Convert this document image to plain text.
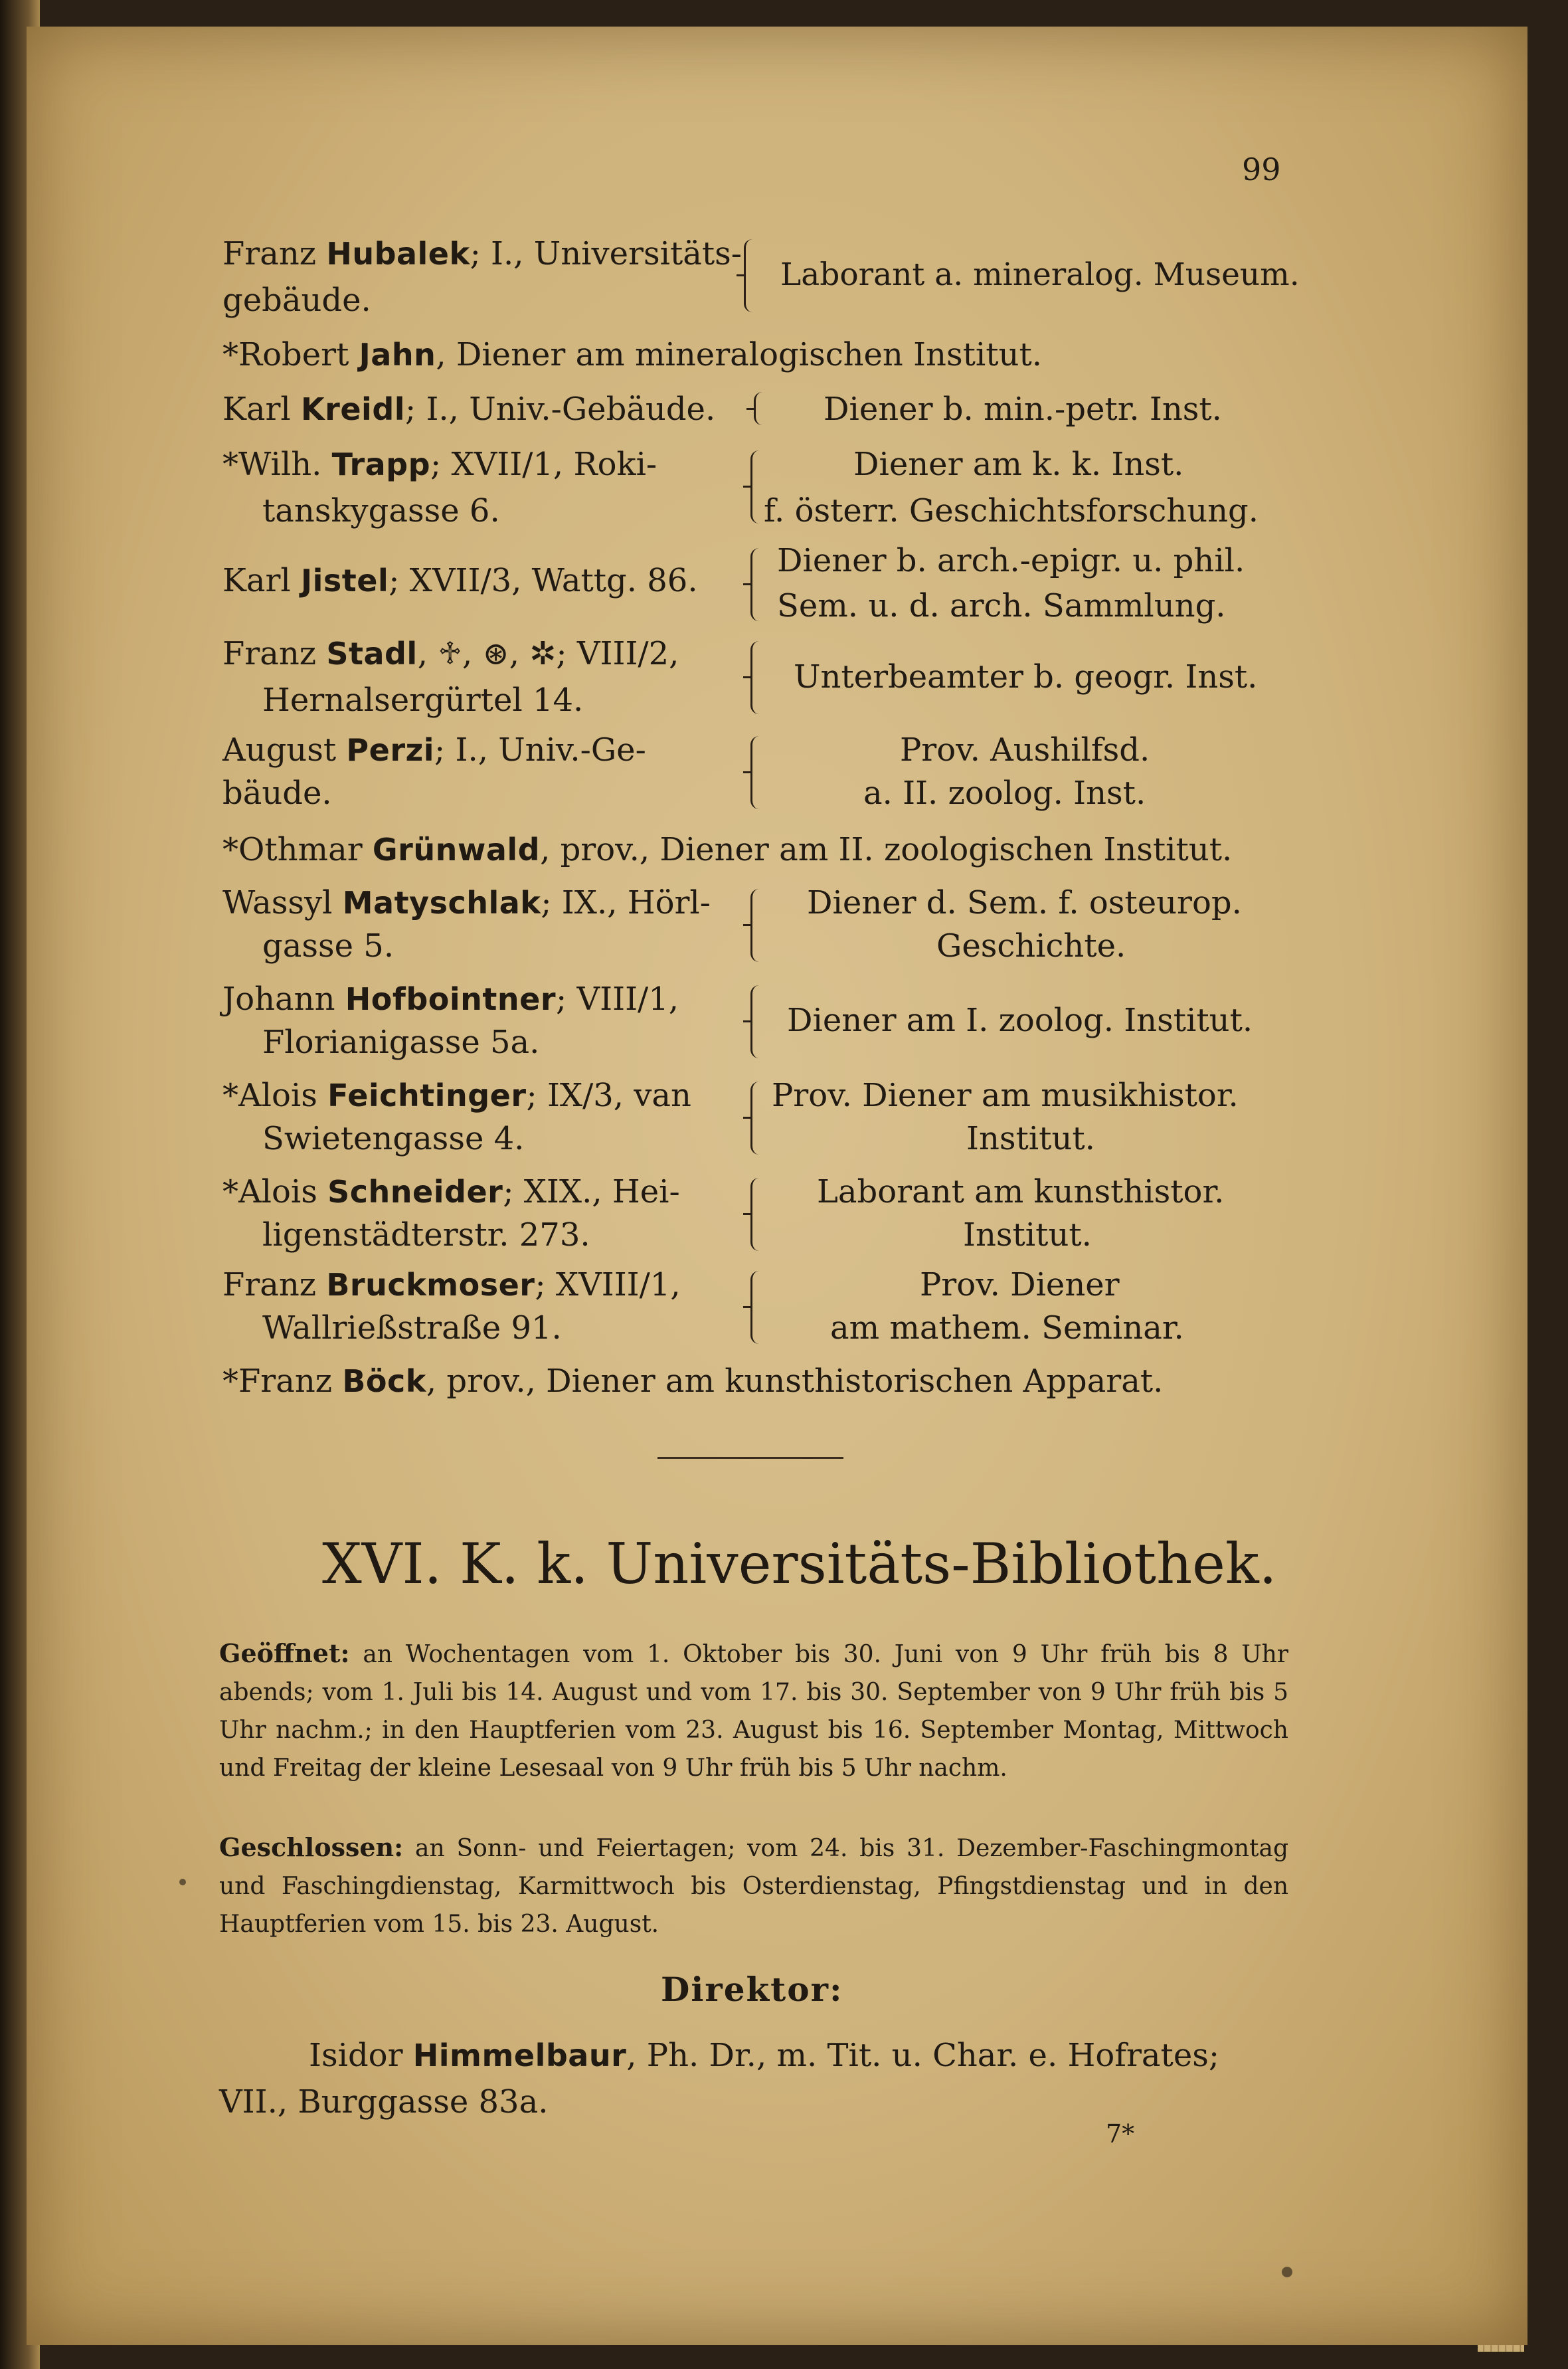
99
Franz Hubalek; I., Universitäts-
gebäude.
Laborant a. mineralog. Museum.
*Robert Jahn, Diener am mineralogischen Institut.
Karl Kreidl; I., Univ.-Gebäude.	Diener b. min.-petr. Inst.
*Wilh. Trapp; XVII/1, Roki-
tanskygasse 6.
Diener am k. k. Inst.
f. österr. Geschichtsforschung.
Karl Jistel; XVII/3, Wattg. 86.
Diener b. arch.-epigr. u. phil.
Sem. u. d. arch. Sammlung.
Franz Stadl, ♱, ⊛, ✲; VIII/2,
Hernalsergürtel 14.
Unterbeamter b. geogr. Inst.
August Perzi; I., Univ.-Ge-
bäude.
Prov. Aushilfsd.
a. II. zoolog. Inst.
*Othmar Grünwald, prov., Diener am II. zoologischen Institut.
Wassyl Matyschlak; IX., Hörl-
gasse 5.
Diener d. Sem. f. osteurop.
Geschichte.
Johann Hofbointner; VIII/1,
Florianigasse 5a.
Diener am I. zoolog. Institut.
*Alois Feichtinger; IX/3, van
Swietengasse 4.
Prov. Diener am musikhistor.
Institut.
*Alois Schneider; XIX., Hei-
ligenstädterstr. 273.
Laborant am kunsthistor.
Institut.
Franz Bruckmoser; XVIII/1,
Wallrießstraße 91.
Prov. Diener
am mathem. Seminar.
*Franz Böck, prov., Diener am kunsthistorischen Apparat.
XVI. K. k. Universitäts-Bibliothek.
Geöffnet: an Wochentagen vom 1. Oktober bis 30. Juni von 9 Uhr früh bis 8 Uhr abends; vom 1. Juli bis 14. August und vom 17. bis 30. September von 9 Uhr früh bis 5 Uhr nachm.; in den Hauptferien vom 23. August bis 16. September Montag, Mittwoch und Freitag der kleine Lesesaal von 9 Uhr früh bis 5 Uhr nachm.
Geschlossen: an Sonn- und Feiertagen; vom 24. bis 31. Dezember-Faschingmontag und Faschingdienstag, Karmittwoch bis Osterdienstag, Pfingstdienstag und in den Hauptferien vom 15. bis 23. August.
Direktor:
Isidor Himmelbaur, Ph. Dr., m. Tit. u. Char. e. Hofrates;
VII., Burggasse 83a.
7*
